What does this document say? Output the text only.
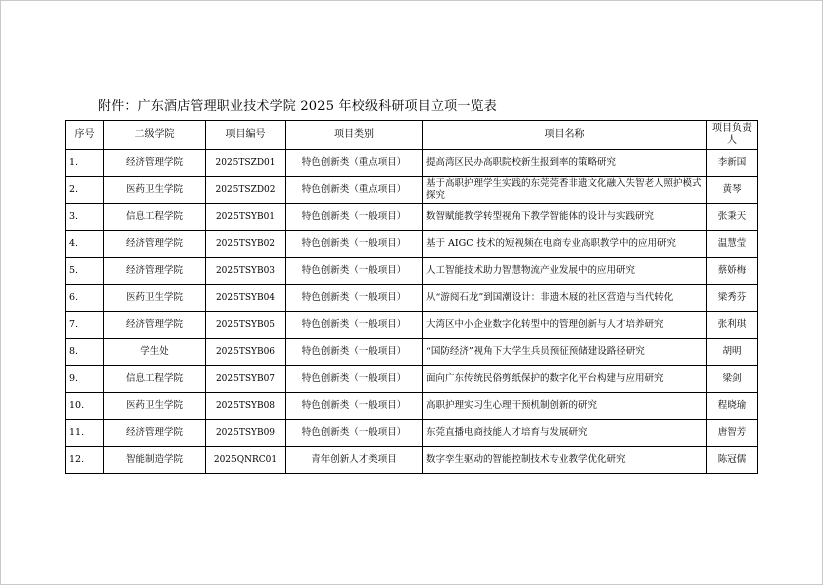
附件：广东酒店管理职业技术学院 2025 年校级科研项目立项一览表
序号	二级学院	项目编号	项目类别	项目名称	项目负责人
1.	经济管理学院	2025TSZD01	特色创新类（重点项目）	提高湾区民办高职院校新生报到率的策略研究	李新国
2.	医药卫生学院	2025TSZD02	特色创新类（重点项目）	基于高职护理学生实践的东莞莞香非遗文化融入失智老人照护模式探究	黄琴
3.	信息工程学院	2025TSYB01	特色创新类（一般项目）	数智赋能教学转型视角下教学智能体的设计与实践研究	张秉天
4.	经济管理学院	2025TSYB02	特色创新类（一般项目）	基于 AIGC 技术的短视频在电商专业高职教学中的应用研究	温慧莹
5.	经济管理学院	2025TSYB03	特色创新类（一般项目）	人工智能技术助力智慧物流产业发展中的应用研究	蔡娇梅
6.	医药卫生学院	2025TSYB04	特色创新类（一般项目）	从“游阅石龙”到国潮设计：非遗木屐的社区营造与当代转化	梁秀芬
7.	经济管理学院	2025TSYB05	特色创新类（一般项目）	大湾区中小企业数字化转型中的管理创新与人才培养研究	张利琪
8.	学生处	2025TSYB06	特色创新类（一般项目）	“国防经济”视角下大学生兵员预征预储建设路径研究	胡明
9.	信息工程学院	2025TSYB07	特色创新类（一般项目）	面向广东传统民俗剪纸保护的数字化平台构建与应用研究	梁剑
10.	医药卫生学院	2025TSYB08	特色创新类（一般项目）	高职护理实习生心理干预机制创新的研究	程晓瑜
11.	经济管理学院	2025TSYB09	特色创新类（一般项目）	东莞直播电商技能人才培育与发展研究	唐智芳
12.	智能制造学院	2025QNRC01	青年创新人才类项目	数字孪生驱动的智能控制技术专业教学优化研究	陈冠儒
